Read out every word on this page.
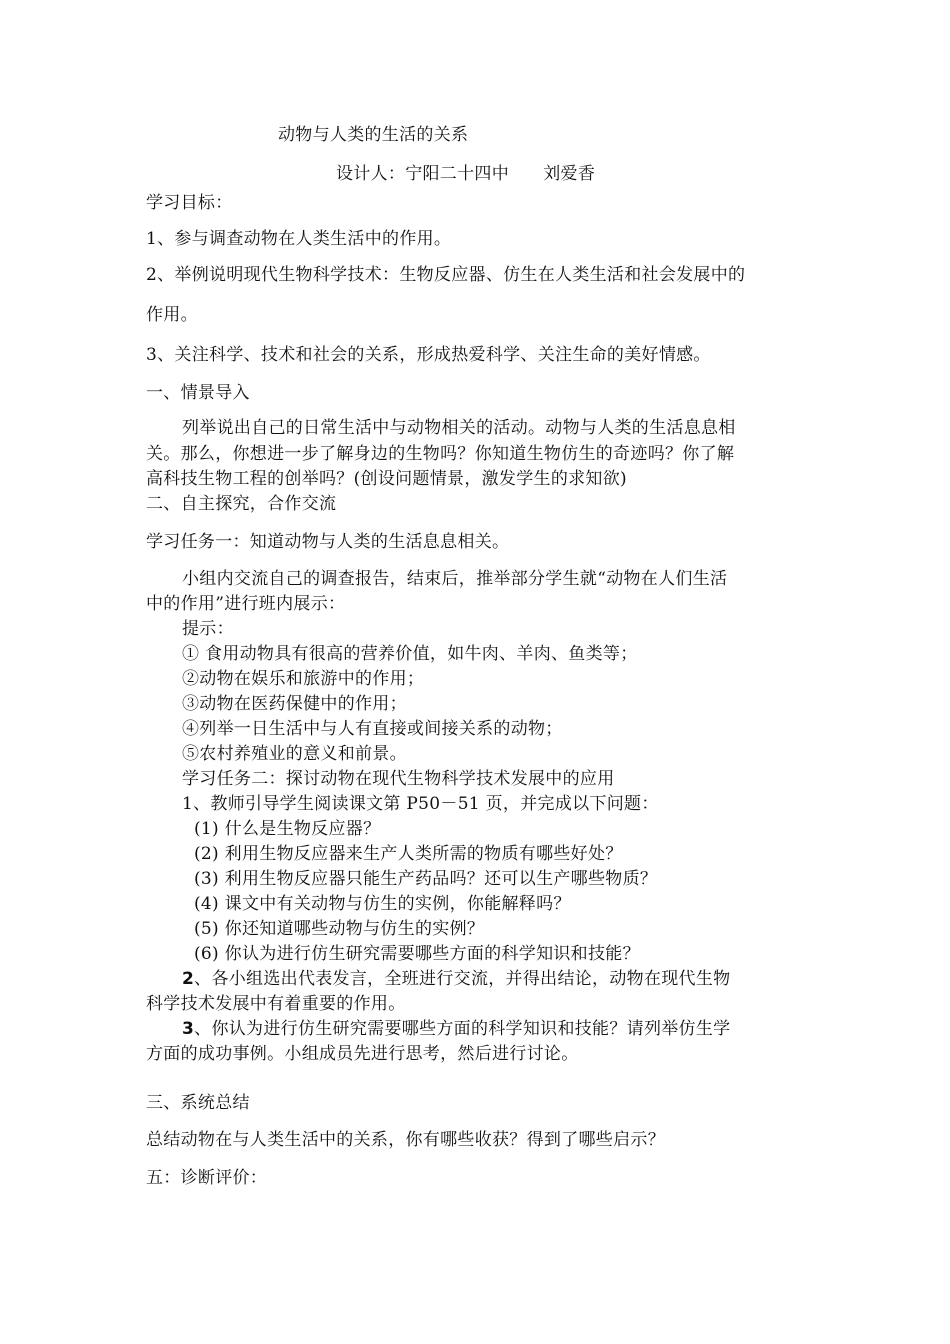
动物与人类的生活的关系

设计人：宁阳二十四中      刘爱香

学习目标：

1、参与调查动物在人类生活中的作用。

2、举例说明现代生物科学技术：生物反应器、仿生在人类生活和社会发展中的

作用。

3、关注科学、技术和社会的关系，形成热爱科学、关注生命的美好情感。

一、情景导入

列举说出自己的日常生活中与动物相关的活动。动物与人类的生活息息相

关。那么，你想进一步了解身边的生物吗？你知道生物仿生的奇迹吗？你了解

高科技生物工程的创举吗？(创设问题情景，激发学生的求知欲)

二、自主探究，合作交流

学习任务一：知道动物与人类的生活息息相关。

小组内交流自己的调查报告，结束后，推举部分学生就“动物在人们生活

中的作用”进行班内展示：

提示：

① 食用动物具有很高的营养价值，如牛肉、羊肉、鱼类等；

②动物在娱乐和旅游中的作用；

③动物在医药保健中的作用；

④列举一日生活中与人有直接或间接关系的动物；

⑤农村养殖业的意义和前景。

学习任务二：探讨动物在现代生物科学技术发展中的应用

1、教师引导学生阅读课文第 P50－51 页，并完成以下问题：

(1) 什么是生物反应器？

(2) 利用生物反应器来生产人类所需的物质有哪些好处？

(3) 利用生物反应器只能生产药品吗？还可以生产哪些物质？

(4) 课文中有关动物与仿生的实例，你能解释吗？

(5) 你还知道哪些动物与仿生的实例？

(6) 你认为进行仿生研究需要哪些方面的科学知识和技能？

2、各小组选出代表发言，全班进行交流，并得出结论，动物在现代生物

科学技术发展中有着重要的作用。

3、你认为进行仿生研究需要哪些方面的科学知识和技能？请列举仿生学

方面的成功事例。小组成员先进行思考，然后进行讨论。

三、系统总结

总结动物在与人类生活中的关系，你有哪些收获？得到了哪些启示？

五：诊断评价：
